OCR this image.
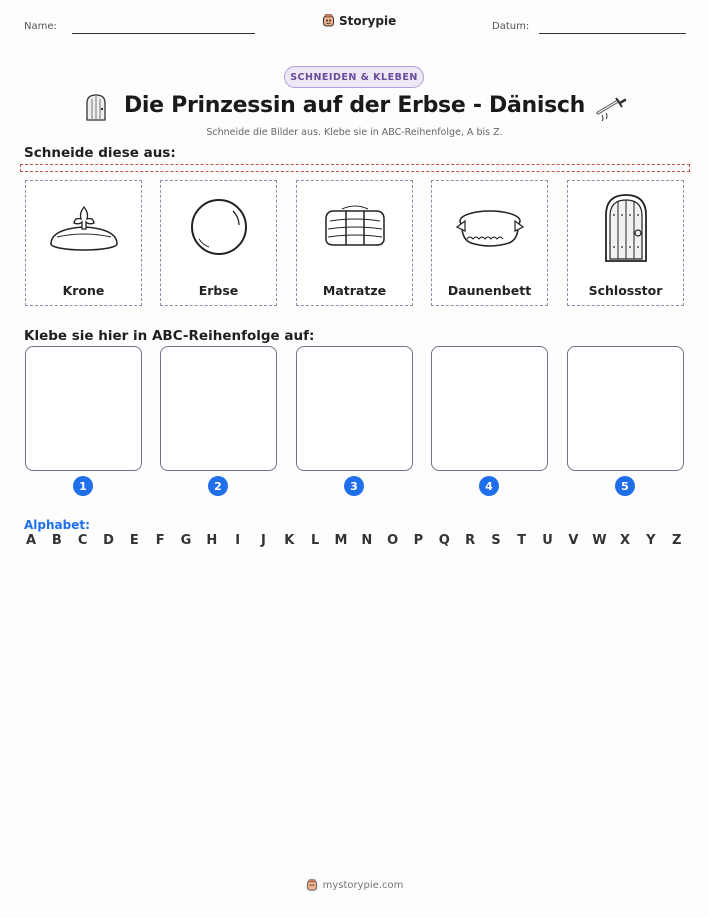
Name:	Storypie	Datum:
SCHNEIDEN & KLEBEN
Die Prinzessin auf der Erbse - Dänisch
Schneide die Bilder aus. Klebe sie in ABC-Reihenfolge, A bis Z.
Schneide diese aus:
Krone	Erbse	Matratze	Daunenbett	Schlosstor
Klebe sie hier in ABC-Reihenfolge auf:
1	2	3	4	5
Alphabet:
A B C D E F G H	I	J	K L M N O P Q R S T U V W X Y Z
mystorypie.com
